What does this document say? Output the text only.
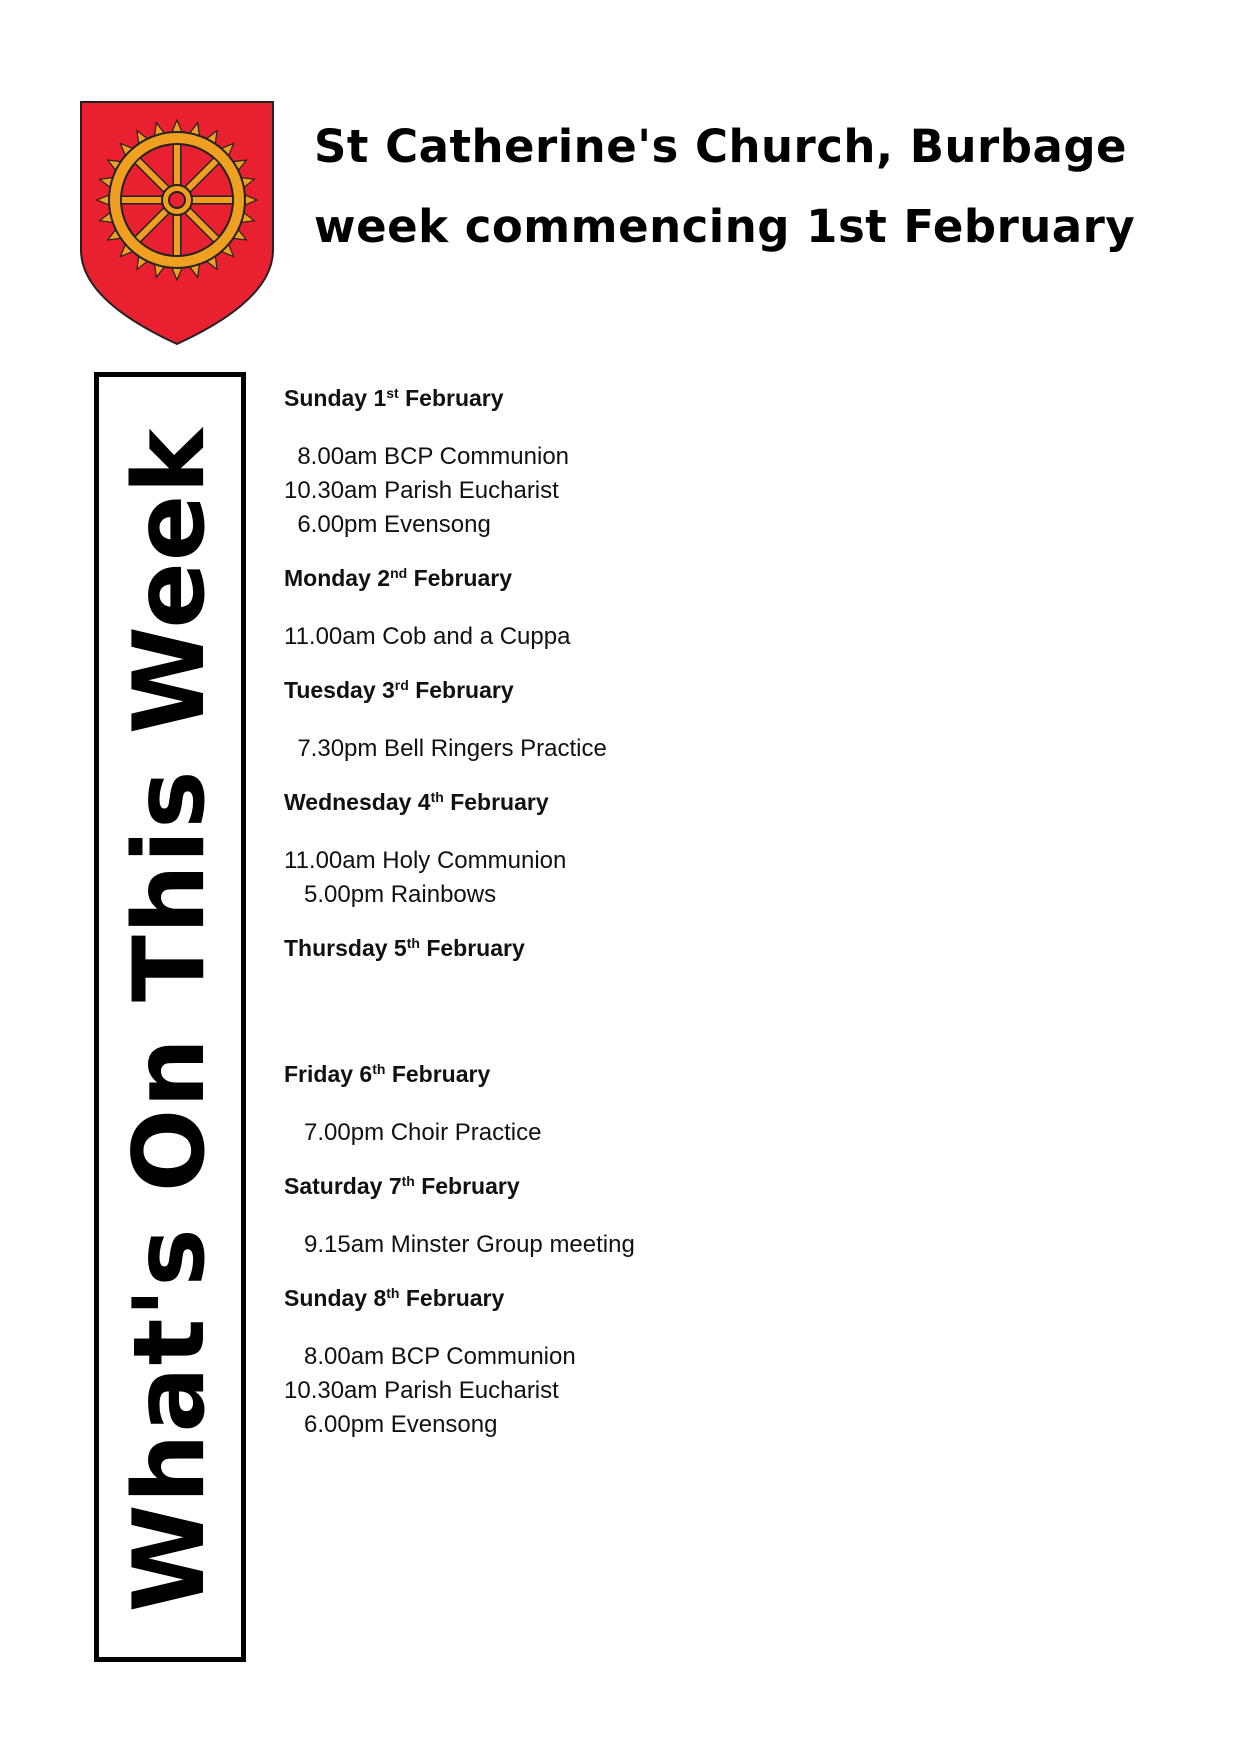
St Catherine's Church, Burbage
week commencing 1st February
What's On This Week
Sunday 1st February
8.00am BCP Communion
10.30am Parish Eucharist
6.00pm Evensong
Monday 2nd February
11.00am Cob and a Cuppa
Tuesday 3rd February
7.30pm Bell Ringers Practice
Wednesday 4th February
11.00am Holy Communion
5.00pm Rainbows
Thursday 5th February
Friday 6th February
7.00pm Choir Practice
Saturday 7th February
9.15am Minster Group meeting
Sunday 8th February
8.00am BCP Communion
10.30am Parish Eucharist
6.00pm Evensong
